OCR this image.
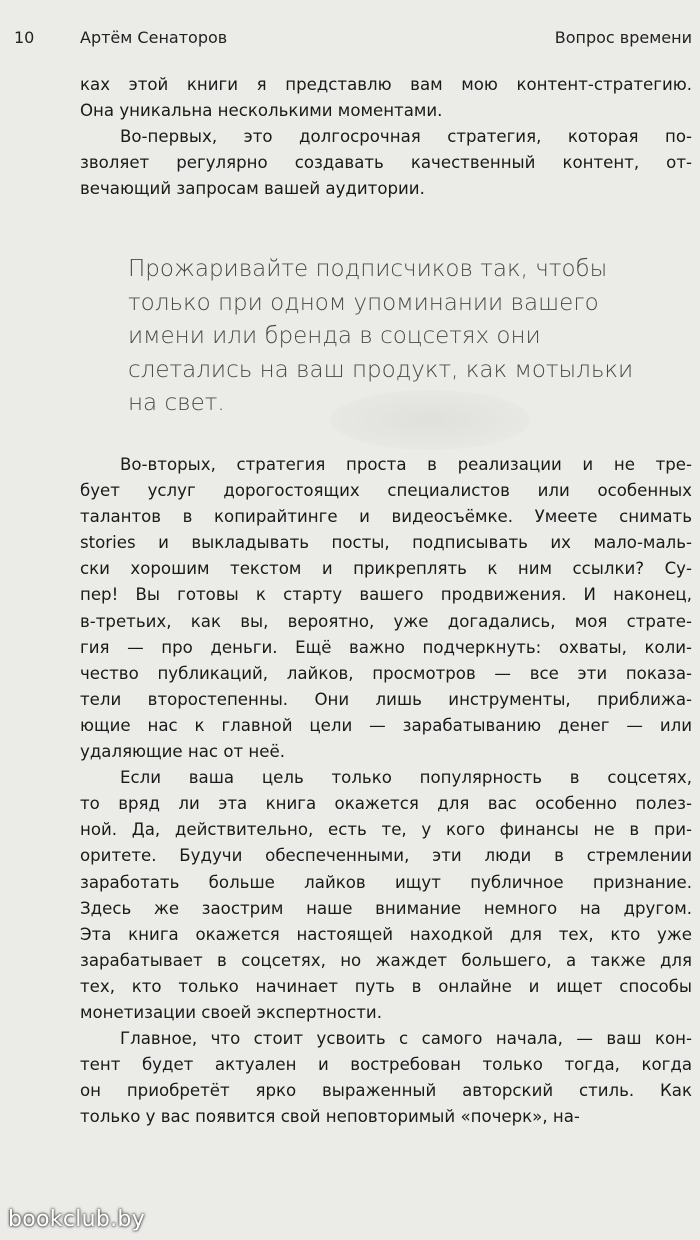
10	Артём Сенаторов	Вопрос времени

ках этой книги я представлю вам мою контент-стратегию.
Она уникальна несколькими моментами.

Во-первых, это долгосрочная стратегия, которая по-
зволяет регулярно создавать качественный контент, от-
вечающий запросам вашей аудитории.

Прожаривайте подписчиков так, чтобы
только при одном упоминании вашего
имени или бренда в соцсетях они
слетались на ваш продукт, как мотыльки
на свет.

Во-вторых, стратегия проста в реализации и не тре-
бует услуг дорогостоящих специалистов или особенных
талантов в копирайтинге и видеосъёмке. Умеете снимать
stories и выкладывать посты, подписывать их мало-маль-
ски хорошим текстом и прикреплять к ним ссылки? Су-
пер! Вы готовы к старту вашего продвижения. И наконец,
в-третьих, как вы, вероятно, уже догадались, моя страте-
гия — про деньги. Ещё важно подчеркнуть: охваты, коли-
чество публикаций, лайков, просмотров — все эти показа-
тели второстепенны. Они лишь инструменты, приближа-
ющие нас к главной цели — зарабатыванию денег — или
удаляющие нас от неё.

Если ваша цель только популярность в соцсетях,
то вряд ли эта книга окажется для вас особенно полез-
ной. Да, действительно, есть те, у кого финансы не в при-
оритете. Будучи обеспеченными, эти люди в стремлении
заработать больше лайков ищут публичное признание.
Здесь же заострим наше внимание немного на другом.
Эта книга окажется настоящей находкой для тех, кто уже
зарабатывает в соцсетях, но жаждет большего, а также для
тех, кто только начинает путь в онлайне и ищет способы
монетизации своей экспертности.

Главное, что стоит усвоить с самого начала, — ваш кон-
тент будет актуален и востребован только тогда, когда
он приобретёт ярко выраженный авторский стиль. Как
только у вас появится свой неповторимый «почерк», на-

bookclub.by
